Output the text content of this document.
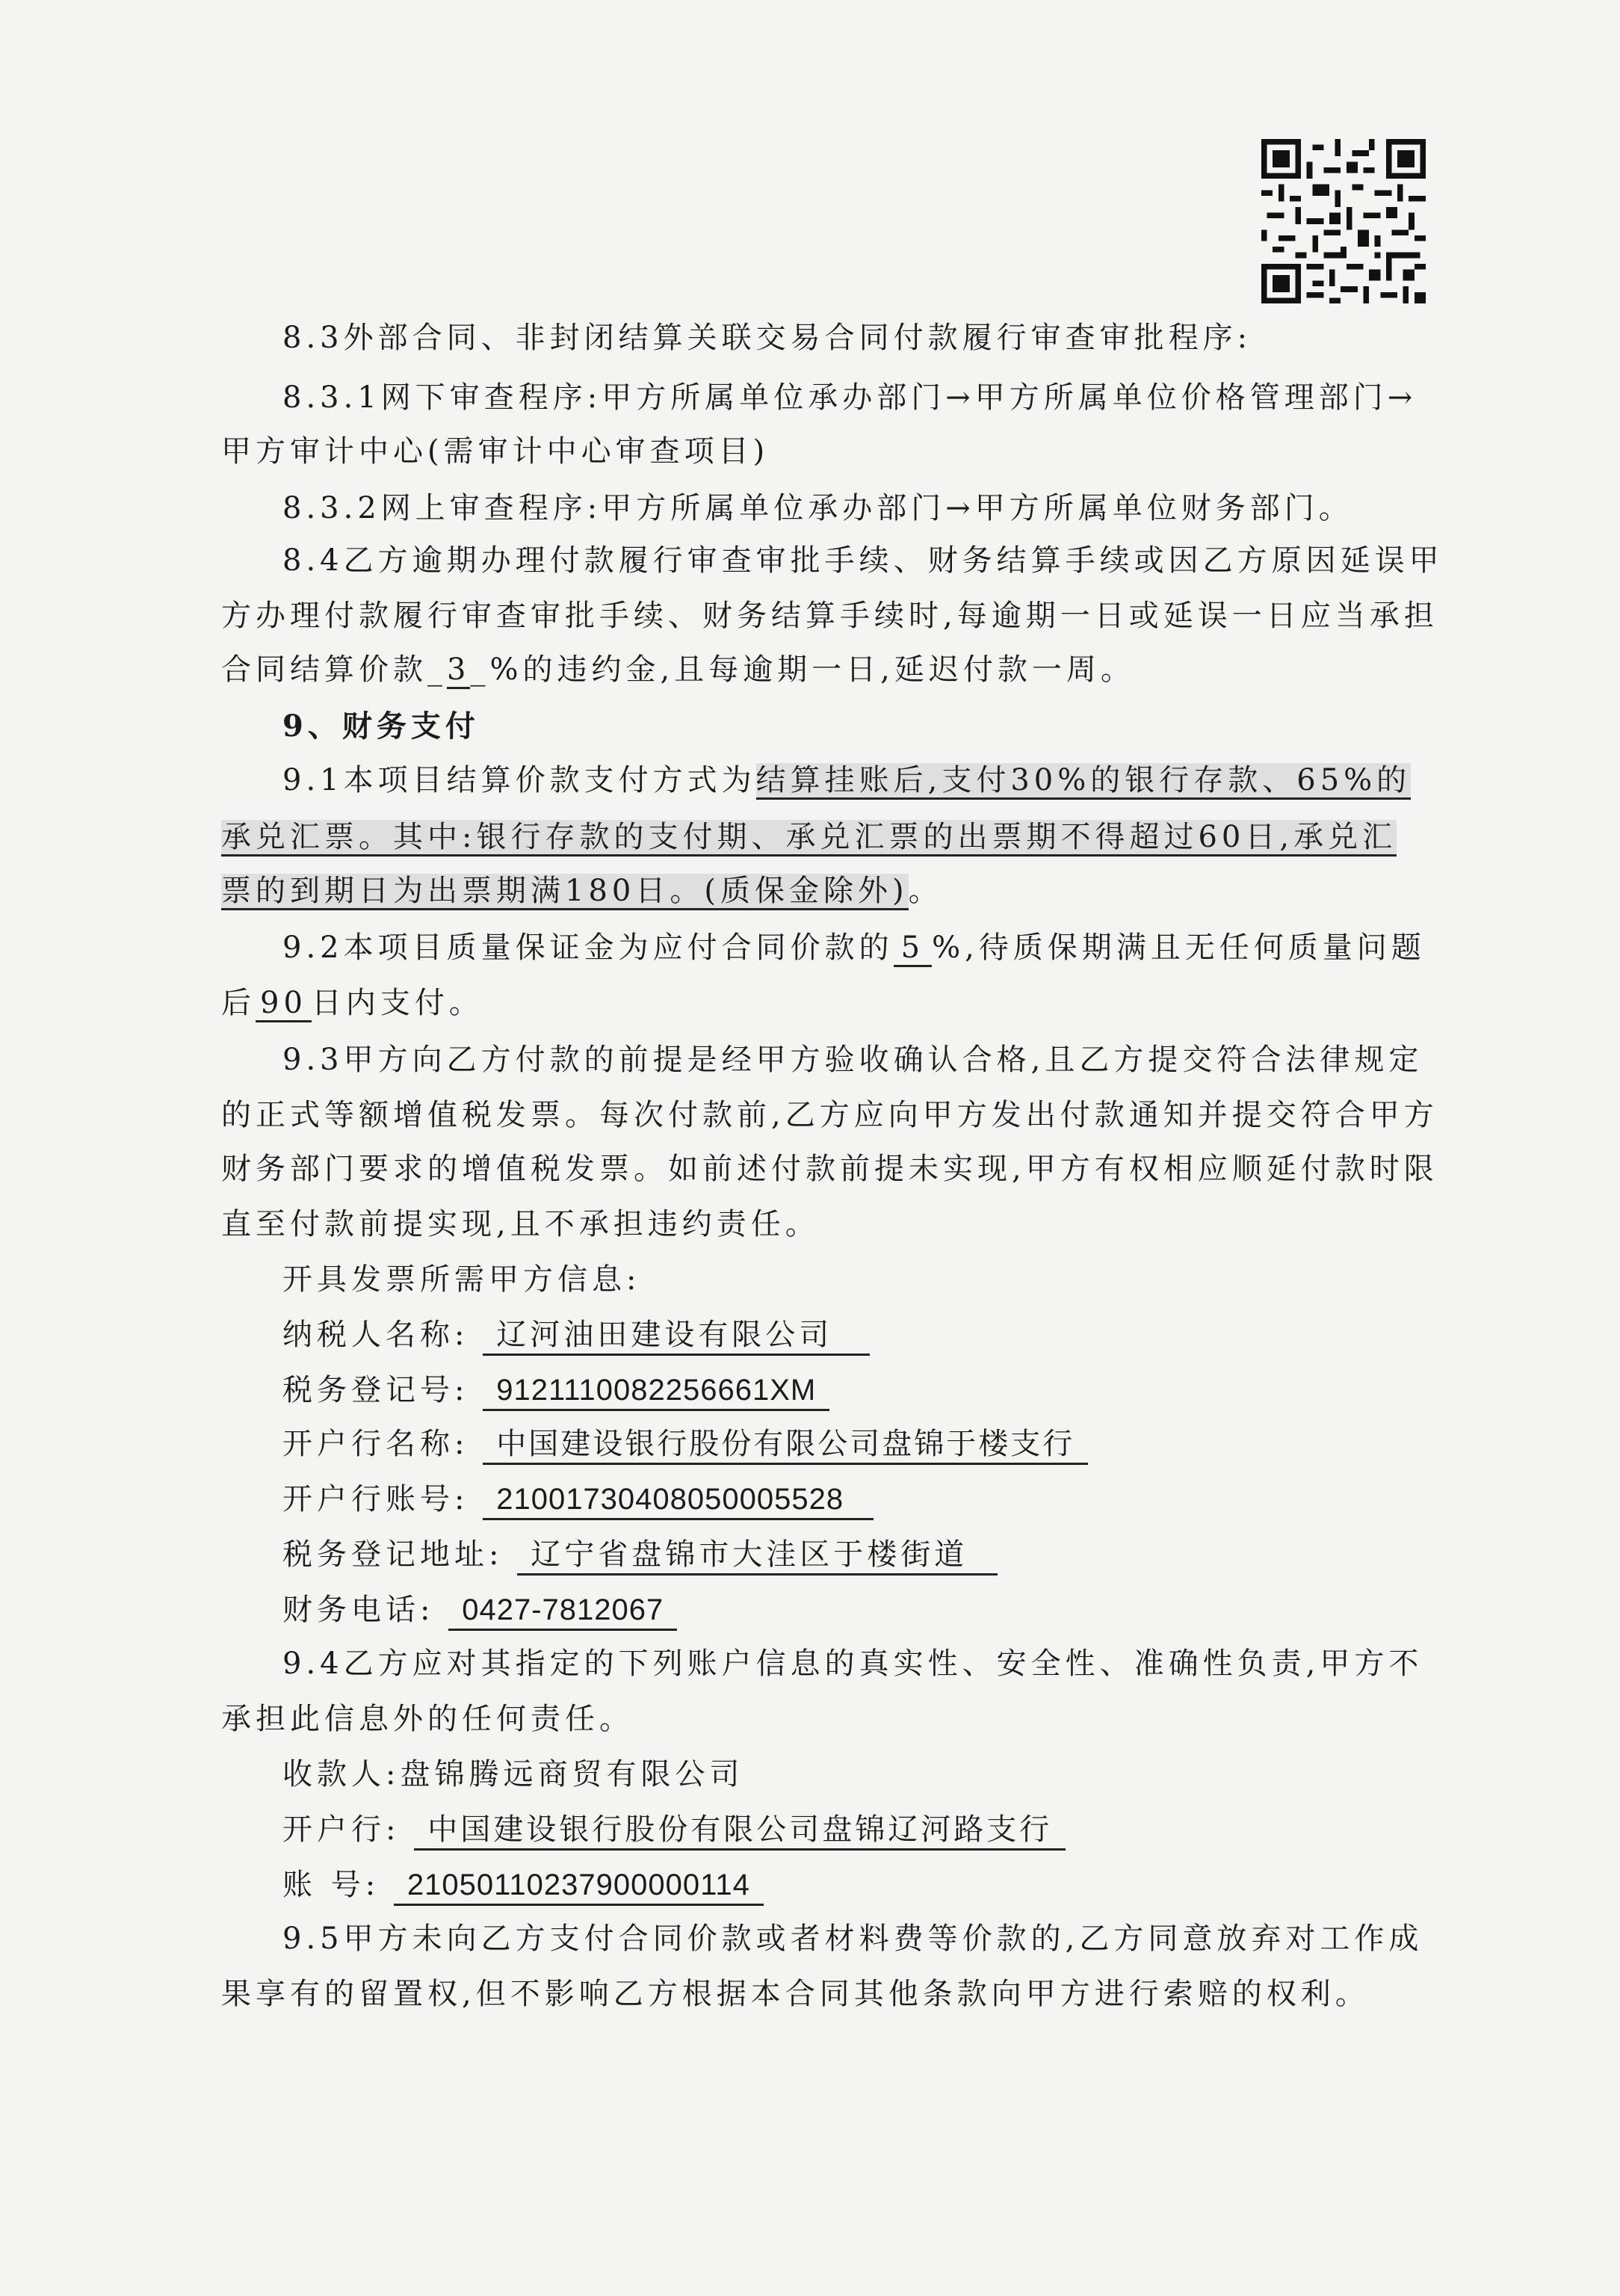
8.3外部合同、非封闭结算关联交易合同付款履行审查审批程序:
8.3.1网下审查程序:甲方所属单位承办部门→甲方所属单位价格管理部门→
甲方审计中心(需审计中心审查项目)
8.3.2网上审查程序:甲方所属单位承办部门→甲方所属单位财务部门。
8.4乙方逾期办理付款履行审查审批手续、财务结算手续或因乙方原因延误甲
方办理付款履行审查审批手续、财务结算手续时,每逾期一日或延误一日应当承担
合同结算价款_3_%的违约金,且每逾期一日,延迟付款一周。
9、财务支付
9.1本项目结算价款支付方式为结算挂账后,支付30%的银行存款、65%的
承兑汇票。其中:银行存款的支付期、承兑汇票的出票期不得超过60日,承兑汇
票的到期日为出票期满180日。(质保金除外)。
9.2本项目质量保证金为应付合同价款的 5 %,待质保期满且无任何质量问题
后 90 日内支付。
9.3甲方向乙方付款的前提是经甲方验收确认合格,且乙方提交符合法律规定
的正式等额增值税发票。每次付款前,乙方应向甲方发出付款通知并提交符合甲方
财务部门要求的增值税发票。如前述付款前提未实现,甲方有权相应顺延付款时限
直至付款前提实现,且不承担违约责任。
开具发票所需甲方信息:
纳税人名称: 辽河油田建设有限公司
税务登记号: 9121110082256661XM
开户行名称: 中国建设银行股份有限公司盘锦于楼支行
开户行账号: 21001730408050005528
税务登记地址: 辽宁省盘锦市大洼区于楼街道
财务电话: 0427-7812067
9.4乙方应对其指定的下列账户信息的真实性、安全性、准确性负责,甲方不
承担此信息外的任何责任。
收款人:盘锦腾远商贸有限公司
开户行: 中国建设银行股份有限公司盘锦辽河路支行
账 号: 21050110237900000114
9.5甲方未向乙方支付合同价款或者材料费等价款的,乙方同意放弃对工作成
果享有的留置权,但不影响乙方根据本合同其他条款向甲方进行索赔的权利。
